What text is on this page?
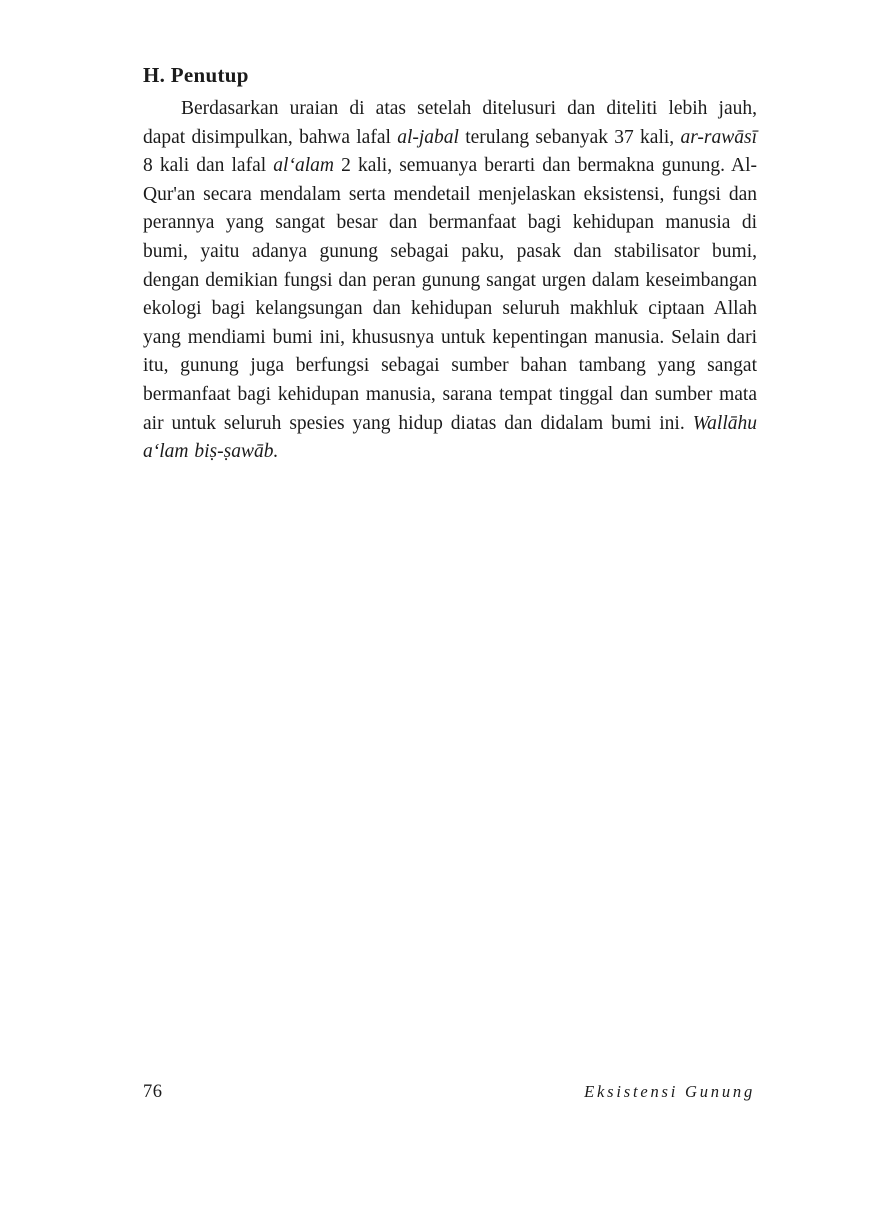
H. Penutup

Berdasarkan uraian di atas setelah ditelusuri dan diteliti lebih jauh, dapat disimpulkan, bahwa lafal al-jabal terulang sebanyak 37 kali, ar-rawāsī 8 kali dan lafal alʻalam 2 kali, semuanya berarti dan bermakna gunung. Al-Qur'an secara mendalam serta mendetail menjelaskan eksistensi, fungsi dan perannya yang sangat besar dan bermanfaat bagi kehidupan manusia di bumi, yaitu adanya gunung sebagai paku, pasak dan stabilisator bumi, dengan demikian fungsi dan peran gunung sangat urgen dalam keseimbangan ekologi bagi kelangsungan dan kehidupan seluruh makhluk ciptaan Allah yang mendiami bumi ini, khususnya untuk kepentingan manusia. Selain dari itu, gunung juga berfungsi sebagai sumber bahan tambang yang sangat bermanfaat bagi kehidupan manusia, sarana tempat tinggal dan sumber mata air untuk seluruh spesies yang hidup diatas dan didalam bumi ini. Wallāhu aʻlam biṣ-ṣawāb.

76	Eksistensi Gunung
